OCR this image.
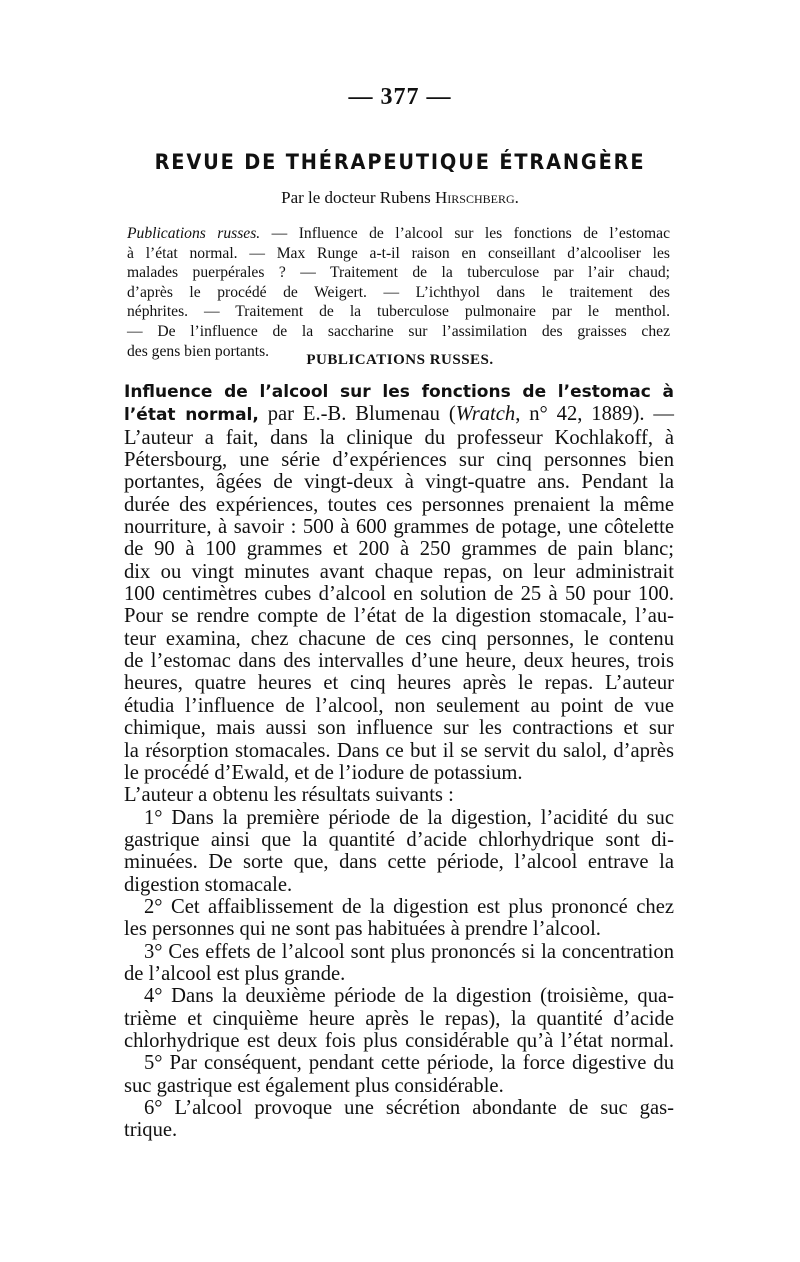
— 377 —
REVUE DE THÉRAPEUTIQUE ÉTRANGÈRE
Par le docteur Rubens Hirschberg.
Publications russes. — Influence de l’alcool sur les fonctions de l’estomac
à l’état normal. — Max Runge a-t-il raison en conseillant d’alcooliser les
malades puerpérales ? — Traitement de la tuberculose par l’air chaud;
d’après le procédé de Weigert. — L’ichthyol dans le traitement des
néphrites. — Traitement de la tuberculose pulmonaire par le menthol.
— De l’influence de la saccharine sur l’assimilation des graisses chez
des gens bien portants.
PUBLICATIONS RUSSES.
Influence de l’alcool sur les fonctions de l’estomac à
l’état normal, par E.-B. Blumenau (Wratch, n° 42, 1889). —
L’auteur a fait, dans la clinique du professeur Kochlakoff, à
Pétersbourg, une série d’expériences sur cinq personnes bien
portantes, âgées de vingt-deux à vingt-quatre ans. Pendant la
durée des expériences, toutes ces personnes prenaient la même
nourriture, à savoir : 500 à 600 grammes de potage, une côtelette
de 90 à 100 grammes et 200 à 250 grammes de pain blanc;
dix ou vingt minutes avant chaque repas, on leur administrait
100 centimètres cubes d’alcool en solution de 25 à 50 pour 100.
Pour se rendre compte de l’état de la digestion stomacale, l’au-
teur examina, chez chacune de ces cinq personnes, le contenu
de l’estomac dans des intervalles d’une heure, deux heures, trois
heures, quatre heures et cinq heures après le repas. L’auteur
étudia l’influence de l’alcool, non seulement au point de vue
chimique, mais aussi son influence sur les contractions et sur
la résorption stomacales. Dans ce but il se servit du salol, d’après
le procédé d’Ewald, et de l’iodure de potassium.
L’auteur a obtenu les résultats suivants :
1° Dans la première période de la digestion, l’acidité du suc
gastrique ainsi que la quantité d’acide chlorhydrique sont di-
minuées. De sorte que, dans cette période, l’alcool entrave la
digestion stomacale.
2° Cet affaiblissement de la digestion est plus prononcé chez
les personnes qui ne sont pas habituées à prendre l’alcool.
3° Ces effets de l’alcool sont plus prononcés si la concentration
de l’alcool est plus grande.
4° Dans la deuxième période de la digestion (troisième, qua-
trième et cinquième heure après le repas), la quantité d’acide
chlorhydrique est deux fois plus considérable qu’à l’état normal.
5° Par conséquent, pendant cette période, la force digestive du
suc gastrique est également plus considérable.
6° L’alcool provoque une sécrétion abondante de suc gas-
trique.
